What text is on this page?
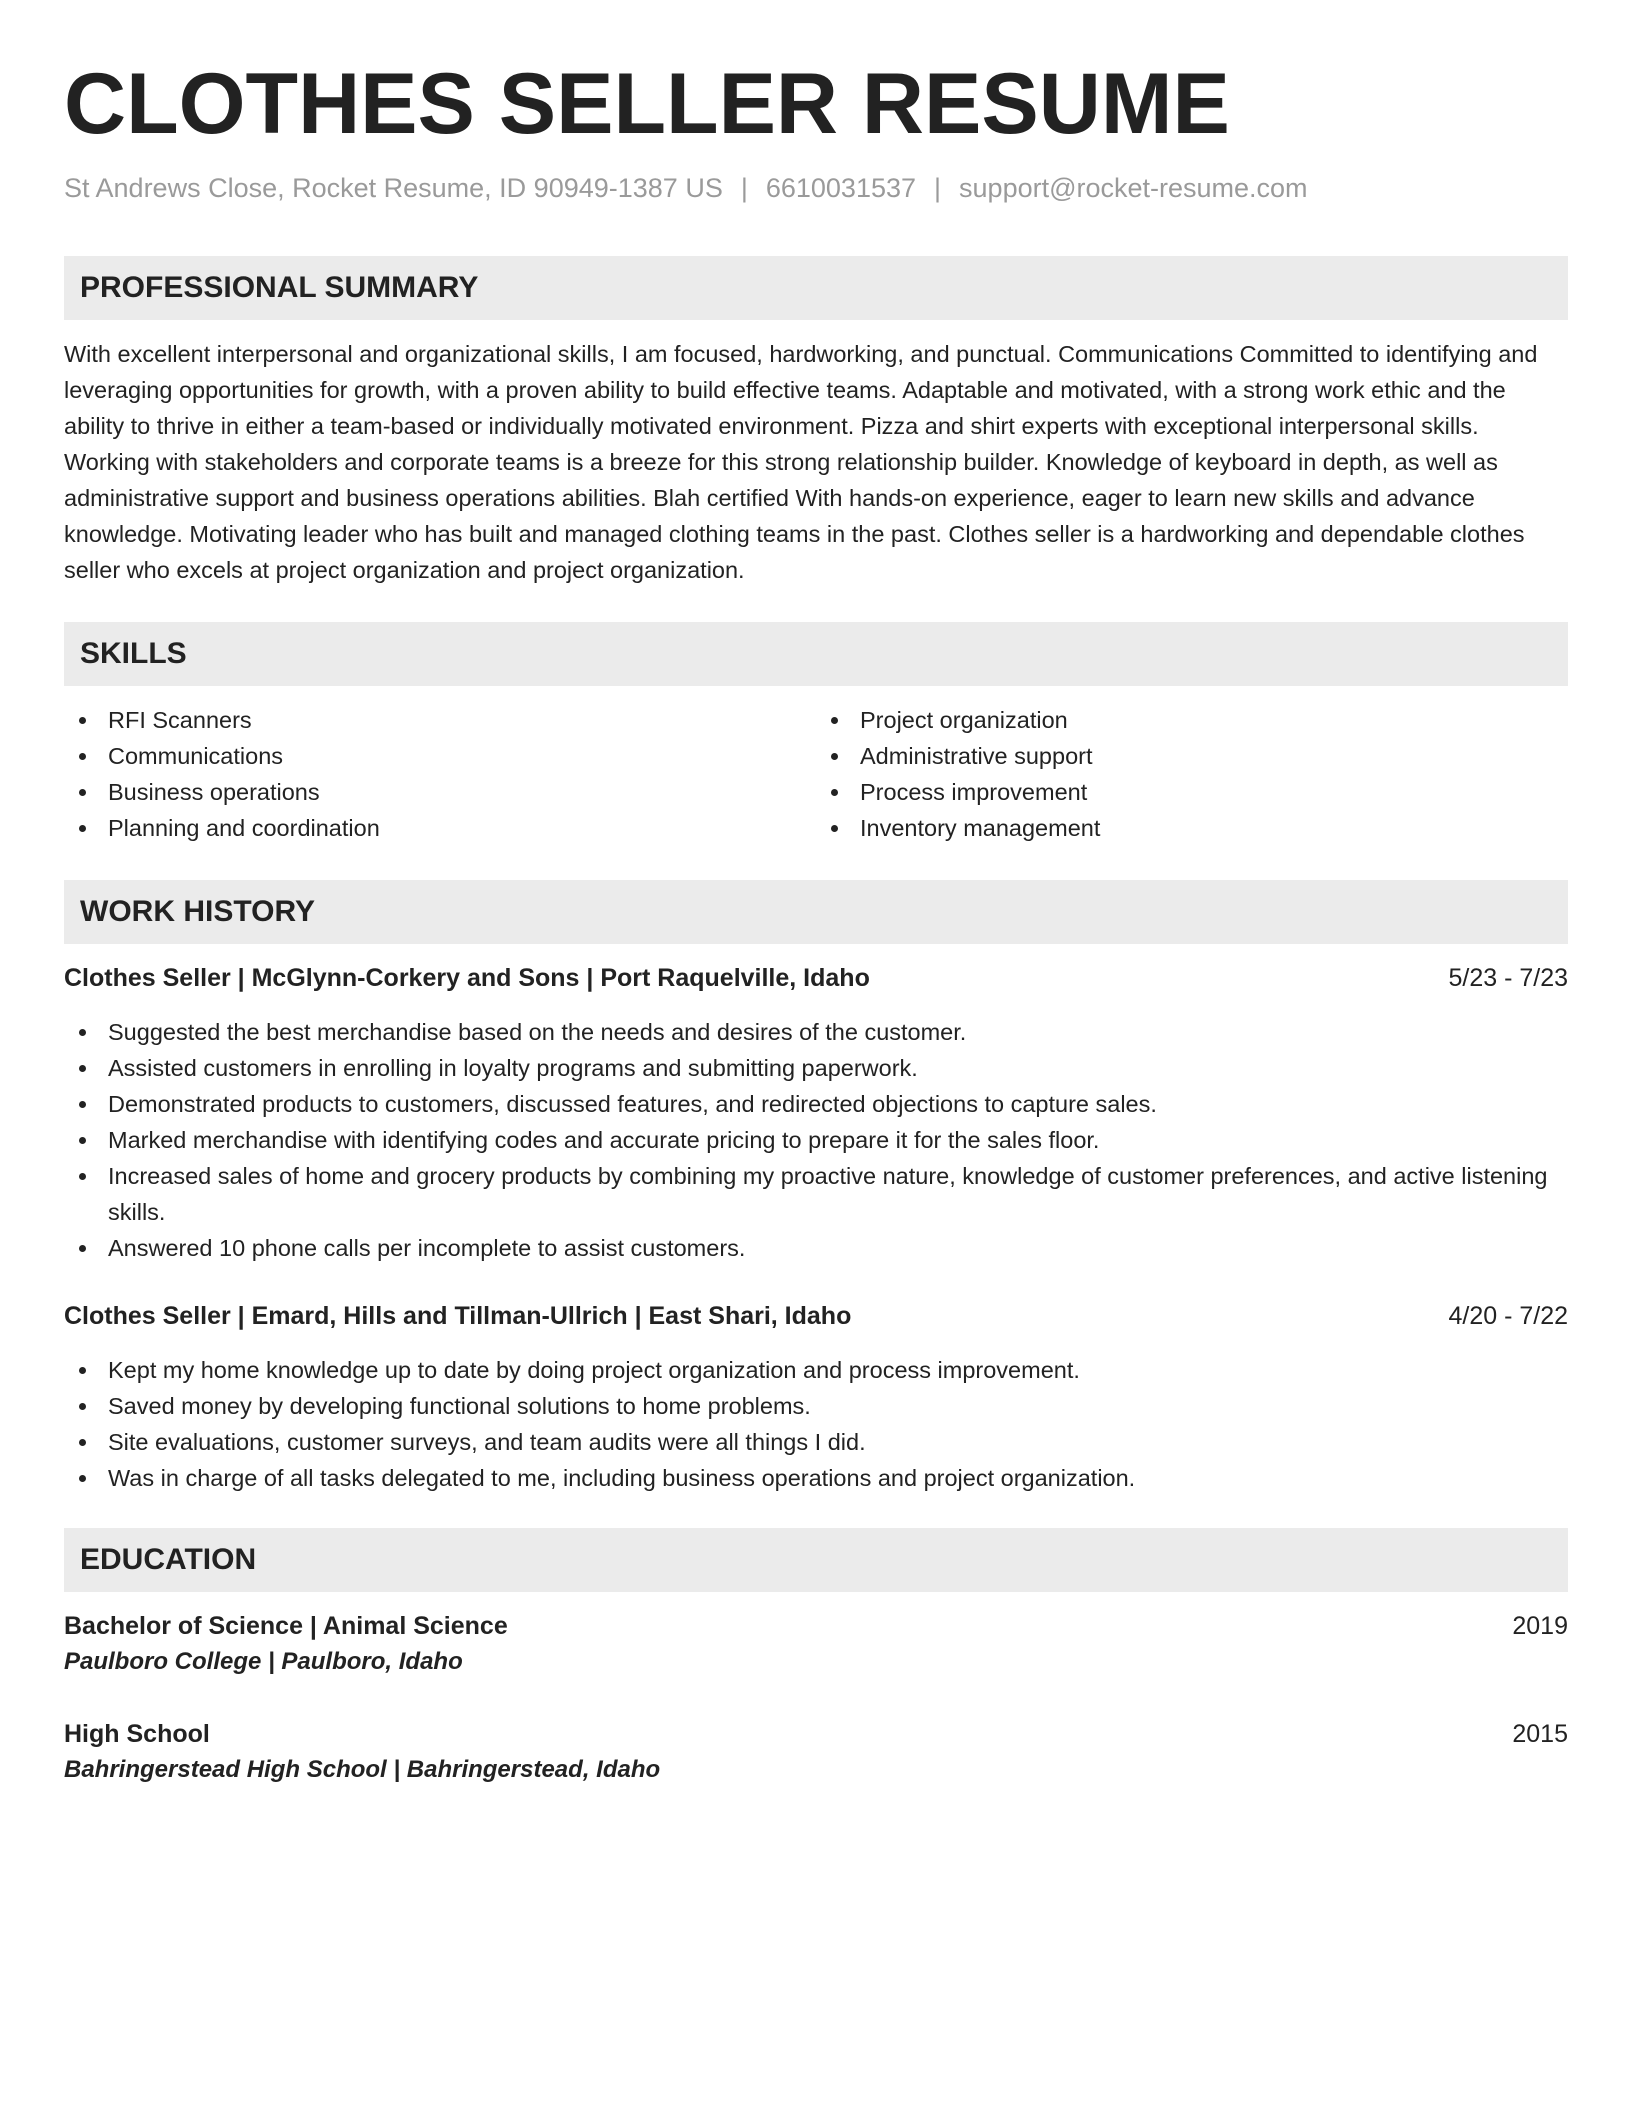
CLOTHES SELLER RESUME
St Andrews Close, Rocket Resume, ID 90949-1387 US | 6610031537 | support@rocket-resume.com
PROFESSIONAL SUMMARY

With excellent interpersonal and organizational skills, I am focused, hardworking, and punctual. Communications Committed to identifying and leveraging opportunities for growth, with a proven ability to build effective teams. Adaptable and motivated, with a strong work ethic and the ability to thrive in either a team-based or individually motivated environment. Pizza and shirt experts with exceptional interpersonal skills. Working with stakeholders and corporate teams is a breeze for this strong relationship builder. Knowledge of keyboard in depth, as well as administrative support and business operations abilities. Blah certified With hands-on experience, eager to learn new skills and advance knowledge. Motivating leader who has built and managed clothing teams in the past. Clothes seller is a hardworking and dependable clothes seller who excels at project organization and project organization.

SKILLS
RFI Scanners
Communications
Business operations
Planning and coordination
Project organization
Administrative support
Process improvement
Inventory management
WORK HISTORY
Clothes Seller | McGlynn-Corkery and Sons | Port Raquelville, Idaho	5/23 - 7/23
Suggested the best merchandise based on the needs and desires of the customer.
Assisted customers in enrolling in loyalty programs and submitting paperwork.
Demonstrated products to customers, discussed features, and redirected objections to capture sales.
Marked merchandise with identifying codes and accurate pricing to prepare it for the sales floor.
Increased sales of home and grocery products by combining my proactive nature, knowledge of customer preferences, and active listening skills.
Answered 10 phone calls per incomplete to assist customers.
Clothes Seller | Emard, Hills and Tillman-Ullrich | East Shari, Idaho	4/20 - 7/22
Kept my home knowledge up to date by doing project organization and process improvement.
Saved money by developing functional solutions to home problems.
Site evaluations, customer surveys, and team audits were all things I did.
Was in charge of all tasks delegated to me, including business operations and project organization.
EDUCATION
Bachelor of Science | Animal Science	2019
Paulboro College | Paulboro, Idaho
High School	2015
Bahringerstead High School | Bahringerstead, Idaho
